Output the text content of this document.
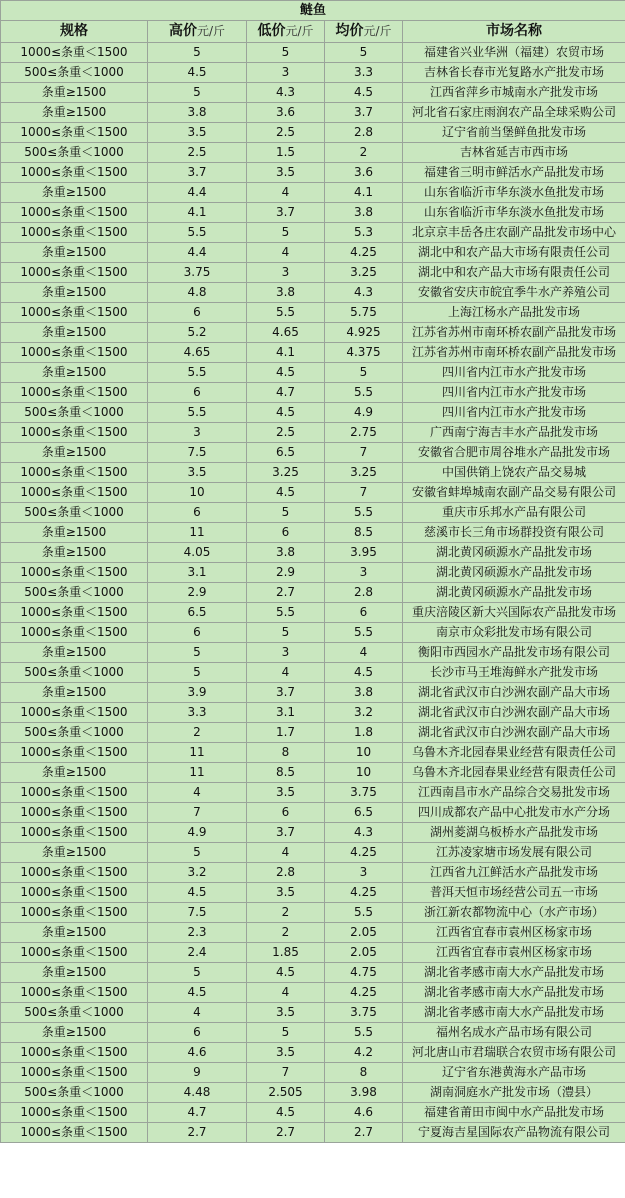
鲢鱼				
规格	高价元/斤	低价元/斤	均价元/斤	市场名称
1000≤条重＜1500	5	5	5	福建省兴业华洲（福建）农贸市场
500≤条重＜1000	4.5	3	3.3	吉林省长春市光复路水产批发市场
条重≥1500	5	4.3	4.5	江西省萍乡市城南水产批发市场
条重≥1500	3.8	3.6	3.7	河北省石家庄雨润农产品全球采购公司
1000≤条重＜1500	3.5	2.5	2.8	辽宁省前当堡鲜鱼批发市场
500≤条重＜1000	2.5	1.5	2	吉林省延吉市西市场
1000≤条重＜1500	3.7	3.5	3.6	福建省三明市鲜活水产品批发市场
条重≥1500	4.4	4	4.1	山东省临沂市华东淡水鱼批发市场
1000≤条重＜1500	4.1	3.7	3.8	山东省临沂市华东淡水鱼批发市场
1000≤条重＜1500	5.5	5	5.3	北京京丰岳各庄农副产品批发市场中心
条重≥1500	4.4	4	4.25	湖北中和农产品大市场有限责任公司
1000≤条重＜1500	3.75	3	3.25	湖北中和农产品大市场有限责任公司
条重≥1500	4.8	3.8	4.3	安徽省安庆市皖宜季牛水产养殖公司
1000≤条重＜1500	6	5.5	5.75	上海江杨水产品批发市场
条重≥1500	5.2	4.65	4.925	江苏省苏州市南环桥农副产品批发市场
1000≤条重＜1500	4.65	4.1	4.375	江苏省苏州市南环桥农副产品批发市场
条重≥1500	5.5	4.5	5	四川省内江市水产批发市场
1000≤条重＜1500	6	4.7	5.5	四川省内江市水产批发市场
500≤条重＜1000	5.5	4.5	4.9	四川省内江市水产批发市场
1000≤条重＜1500	3	2.5	2.75	广西南宁海吉丰水产品批发市场
条重≥1500	7.5	6.5	7	安徽省合肥市周谷堆水产品批发市场
1000≤条重＜1500	3.5	3.25	3.25	中国供销上饶农产品交易城
1000≤条重＜1500	10	4.5	7	安徽省蚌埠城南农副产品交易有限公司
500≤条重＜1000	6	5	5.5	重庆市乐邦水产品有限公司
条重≥1500	11	6	8.5	慈溪市长三角市场群投资有限公司
条重≥1500	4.05	3.8	3.95	湖北黄冈硕源水产品批发市场
1000≤条重＜1500	3.1	2.9	3	湖北黄冈硕源水产品批发市场
500≤条重＜1000	2.9	2.7	2.8	湖北黄冈硕源水产品批发市场
1000≤条重＜1500	6.5	5.5	6	重庆涪陵区新大兴国际农产品批发市场
1000≤条重＜1500	6	5	5.5	南京市众彩批发市场有限公司
条重≥1500	5	3	4	衡阳市西园水产品批发市场有限公司
500≤条重＜1000	5	4	4.5	长沙市马王堆海鲜水产批发市场
条重≥1500	3.9	3.7	3.8	湖北省武汉市白沙洲农副产品大市场
1000≤条重＜1500	3.3	3.1	3.2	湖北省武汉市白沙洲农副产品大市场
500≤条重＜1000	2	1.7	1.8	湖北省武汉市白沙洲农副产品大市场
1000≤条重＜1500	11	8	10	乌鲁木齐北园春果业经营有限责任公司
条重≥1500	11	8.5	10	乌鲁木齐北园春果业经营有限责任公司
1000≤条重＜1500	4	3.5	3.75	江西南昌市水产品综合交易批发市场
1000≤条重＜1500	7	6	6.5	四川成都农产品中心批发市水产分场
1000≤条重＜1500	4.9	3.7	4.3	湖州菱湖乌板桥水产品批发市场
条重≥1500	5	4	4.25	江苏凌家塘市场发展有限公司
1000≤条重＜1500	3.2	2.8	3	江西省九江鲜活水产品批发市场
1000≤条重＜1500	4.5	3.5	4.25	普洱天恒市场经营公司五一市场
1000≤条重＜1500	7.5	2	5.5	浙江新农都物流中心（水产市场）
条重≥1500	2.3	2	2.05	江西省宜春市袁州区杨家市场
1000≤条重＜1500	2.4	1.85	2.05	江西省宜春市袁州区杨家市场
条重≥1500	5	4.5	4.75	湖北省孝感市南大水产品批发市场
1000≤条重＜1500	4.5	4	4.25	湖北省孝感市南大水产品批发市场
500≤条重＜1000	4	3.5	3.75	湖北省孝感市南大水产品批发市场
条重≥1500	6	5	5.5	福州名成水产品市场有限公司
1000≤条重＜1500	4.6	3.5	4.2	河北唐山市君瑞联合农贸市场有限公司
1000≤条重＜1500	9	7	8	辽宁省东港黄海水产品市场
500≤条重＜1000	4.48	2.505	3.98	湖南洞庭水产批发市场（澧县）
1000≤条重＜1500	4.7	4.5	4.6	福建省莆田市闽中水产品批发市场
1000≤条重＜1500	2.7	2.7	2.7	宁夏海吉星国际农产品物流有限公司
